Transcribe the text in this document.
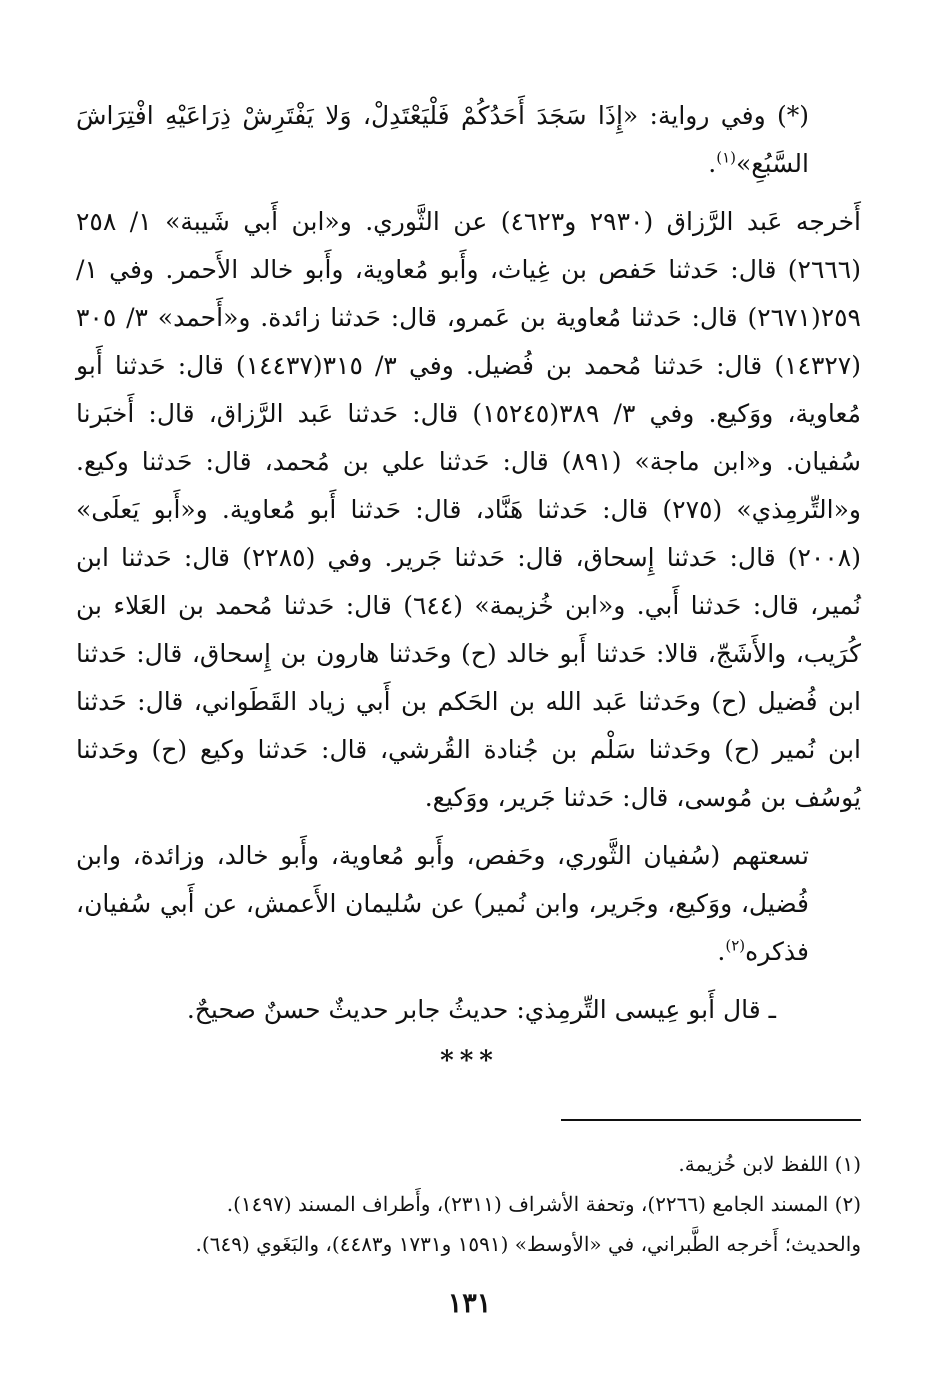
(*) وفي رواية: «إِذَا سَجَدَ أَحَدُكُمْ فَلْيَعْتَدِلْ، وَلا يَفْتَرِشْ ذِرَاعَيْهِ افْتِرَاشَ السَّبُعِ»$^{(١)}$.

أَخرجه عَبد الرَّزاق (٢٩٣٠ و٤٦٢٣) عن الثَّوري. و«ابن أَبي شَيبة» ١/ ٢٥٨ (٢٦٦٦) قال: حَدثنا حَفص بن غِياث، وأَبو مُعاوية، وأَبو خالد الأَحمر. وفي ١/ ٢٥٩(٢٦٧١) قال: حَدثنا مُعاوية بن عَمرو، قال: حَدثنا زائدة. و«أَحمد» ٣/ ٣٠٥ (١٤٣٢٧) قال: حَدثنا مُحمد بن فُضيل. وفي ٣/ ٣١٥(١٤٤٣٧) قال: حَدثنا أَبو مُعاوية، ووَكيع. وفي ٣/ ٣٨٩(١٥٢٤٥) قال: حَدثنا عَبد الرَّزاق، قال: أَخبَرنا سُفيان. و«ابن ماجة» (٨٩١) قال: حَدثنا علي بن مُحمد، قال: حَدثنا وكيع. و«التِّرمِذي» (٢٧٥) قال: حَدثنا هَنَّاد، قال: حَدثنا أَبو مُعاوية. و«أَبو يَعلَى» (٢٠٠٨) قال: حَدثنا إِسحاق، قال: حَدثنا جَرير. وفي (٢٢٨٥) قال: حَدثنا ابن نُمير، قال: حَدثنا أَبي. و«ابن خُزيمة» (٦٤٤) قال: حَدثنا مُحمد بن العَلاء بن كُرَيب، والأَشَجّ، قالا: حَدثنا أَبو خالد (ح) وحَدثنا هارون بن إِسحاق، قال: حَدثنا ابن فُضيل (ح) وحَدثنا عَبد الله بن الحَكم بن أَبي زياد القَطَواني، قال: حَدثنا ابن نُمير (ح) وحَدثنا سَلْم بن جُنادة القُرشي، قال: حَدثنا وكيع (ح) وحَدثنا يُوسُف بن مُوسى، قال: حَدثنا جَرير، ووَكيع.

تسعتهم (سُفيان الثَّوري، وحَفص، وأَبو مُعاوية، وأَبو خالد، وزائدة، وابن فُضيل، ووَكيع، وجَرير، وابن نُمير) عن سُليمان الأَعمش، عن أَبي سُفيان، فذكره$^{(٢)}$.

ـ قال أَبو عِيسى التِّرمِذي: حديثُ جابر حديثٌ حسنٌ صحيحٌ.

***

(١) اللفظ لابن خُزيمة.

(٢) المسند الجامع (٢٢٦٦)، وتحفة الأشراف (٢٣١١)، وأَطراف المسند (١٤٩٧).

والحديث؛ أَخرجه الطَّبراني، في «الأوسط» (١٥٩١ و١٧٣١ و٤٤٨٣)، والبَغَوي (٦٤٩).

١٣١
